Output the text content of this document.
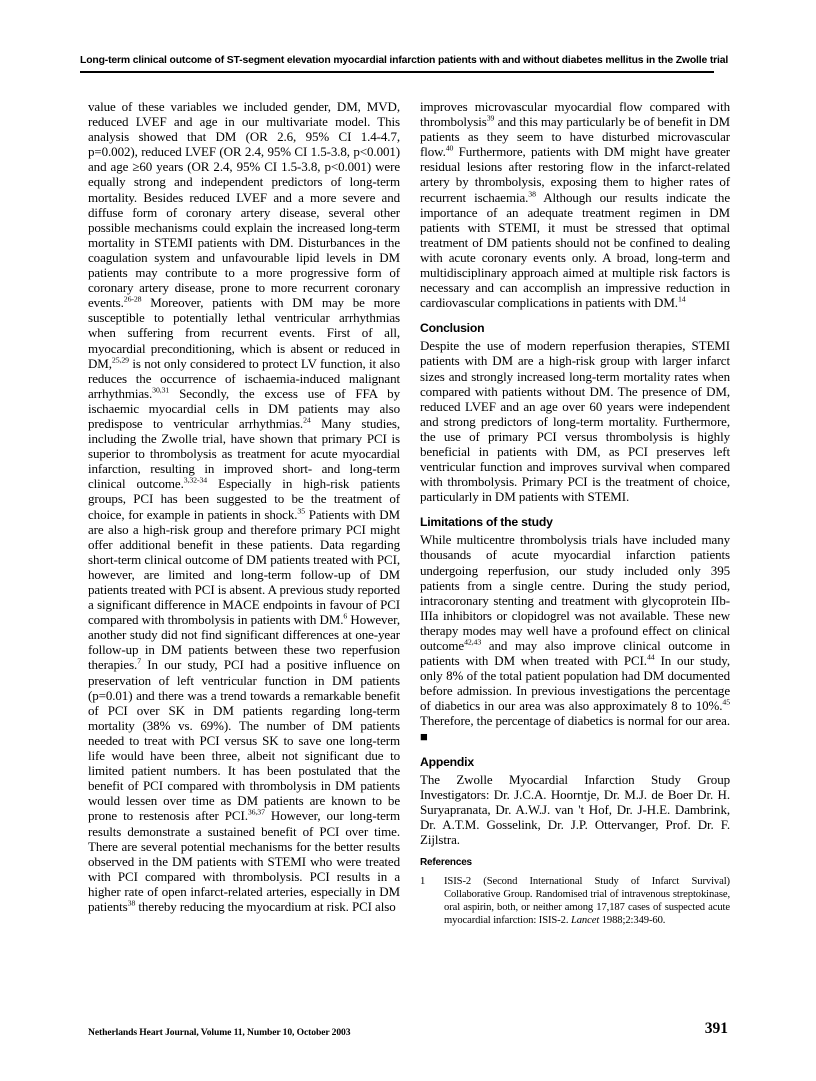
Long-term clinical outcome of ST-segment elevation myocardial infarction patients with and without diabetes mellitus in the Zwolle trial

value of these variables we included gender, DM, MVD, reduced LVEF and age in our multivariate model. This analysis showed that DM (OR 2.6, 95% CI 1.4-4.7, p=0.002), reduced LVEF (OR 2.4, 95% CI 1.5-3.8, p<0.001) and age ≥60 years (OR 2.4, 95% CI 1.5-3.8, p<0.001) were equally strong and independent predictors of long-term mortality. Besides reduced LVEF and a more severe and diffuse form of coronary artery disease, several other possible mechanisms could explain the increased long-term mortality in STEMI patients with DM. Disturbances in the coagulation system and unfavourable lipid levels in DM patients may contribute to a more progressive form of coronary artery disease, prone to more recurrent coronary events.$^{26-28}$ Moreover, patients with DM may be more susceptible to potentially lethal ventricular arrhythmias when suffering from recurrent events. First of all, myocardial preconditioning, which is absent or reduced in DM,$^{25,29}$ is not only considered to protect LV function, it also reduces the occurrence of ischaemia-induced malignant arrhythmias.$^{30,31}$ Secondly, the excess use of FFA by ischaemic myocardial cells in DM patients may also predispose to ventricular arrhythmias.$^{24}$ Many studies, including the Zwolle trial, have shown that primary PCI is superior to thrombolysis as treatment for acute myocardial infarction, resulting in improved short- and long-term clinical outcome.$^{3,32-34}$ Especially in high-risk patients groups, PCI has been suggested to be the treatment of choice, for example in patients in shock.$^{35}$ Patients with DM are also a high-risk group and therefore primary PCI might offer additional benefit in these patients. Data regarding short-term clinical outcome of DM patients treated with PCI, however, are limited and long-term follow-up of DM patients treated with PCI is absent. A previous study reported a significant difference in MACE endpoints in favour of PCI compared with thrombolysis in patients with DM.$^6$ However, another study did not find significant differences at one-year follow-up in DM patients between these two reperfusion therapies.$^7$ In our study, PCI had a positive influence on preservation of left ventricular function in DM patients (p=0.01) and there was a trend towards a remarkable benefit of PCI over SK in DM patients regarding long-term mortality (38% vs. 69%). The number of DM patients needed to treat with PCI versus SK to save one long-term life would have been three, albeit not significant due to limited patient numbers. It has been postulated that the benefit of PCI compared with thrombolysis in DM patients would lessen over time as DM patients are known to be prone to restenosis after PCI.$^{36,37}$ However, our long-term results demonstrate a sustained benefit of PCI over time. There are several potential mechanisms for the better results observed in the DM patients with STEMI who were treated with PCI compared with thrombolysis. PCI results in a higher rate of open infarct-related arteries, especially in DM patients$^{38}$ thereby reducing the myocardium at risk. PCI also

improves microvascular myocardial flow compared with thrombolysis$^{39}$ and this may particularly be of benefit in DM patients as they seem to have disturbed microvascular flow.$^{40}$ Furthermore, patients with DM might have greater residual lesions after restoring flow in the infarct-related artery by thrombolysis, exposing them to higher rates of recurrent ischaemia.$^{38}$ Although our results indicate the importance of an adequate treatment regimen in DM patients with STEMI, it must be stressed that optimal treatment of DM patients should not be confined to dealing with acute coronary events only. A broad, long-term and multidisciplinary approach aimed at multiple risk factors is necessary and can accomplish an impressive reduction in cardiovascular complications in patients with DM.$^{14}$

Conclusion

Despite the use of modern reperfusion therapies, STEMI patients with DM are a high-risk group with larger infarct sizes and strongly increased long-term mortality rates when compared with patients without DM. The presence of DM, reduced LVEF and an age over 60 years were independent and strong predictors of long-term mortality. Furthermore, the use of primary PCI versus thrombolysis is highly beneficial in patients with DM, as PCI preserves left ventricular function and improves survival when compared with thrombolysis. Primary PCI is the treatment of choice, particularly in DM patients with STEMI.

Limitations of the study

While multicentre thrombolysis trials have included many thousands of acute myocardial infarction patients undergoing reperfusion, our study included only 395 patients from a single centre. During the study period, intracoronary stenting and treatment with glycoprotein IIb-IIIa inhibitors or clopidogrel was not available. These new therapy modes may well have a profound effect on clinical outcome$^{42,43}$ and may also improve clinical outcome in patients with DM when treated with PCI.$^{44}$ In our study, only 8% of the total patient population had DM documented before admission. In previous investigations the percentage of diabetics in our area was also approximately 8 to 10%.$^{45}$ Therefore, the percentage of diabetics is normal for our area. ■

Appendix

The Zwolle Myocardial Infarction Study Group Investigators: Dr. J.C.A. Hoorntje, Dr. M.J. de Boer Dr. H. Suryapranata, Dr. A.W.J. van 't Hof, Dr. J-H.E. Dambrink, Dr. A.T.M. Gosselink, Dr. J.P. Ottervanger, Prof. Dr. F. Zijlstra.

References
1	ISIS-2 (Second International Study of Infarct Survival) Collaborative Group. Randomised trial of intravenous streptokinase, oral aspirin, both, or neither among 17,187 cases of suspected acute myocardial infarction: ISIS-2. Lancet 1988;2:349-60.
Netherlands Heart Journal, Volume 11, Number 10, October 2003	391
